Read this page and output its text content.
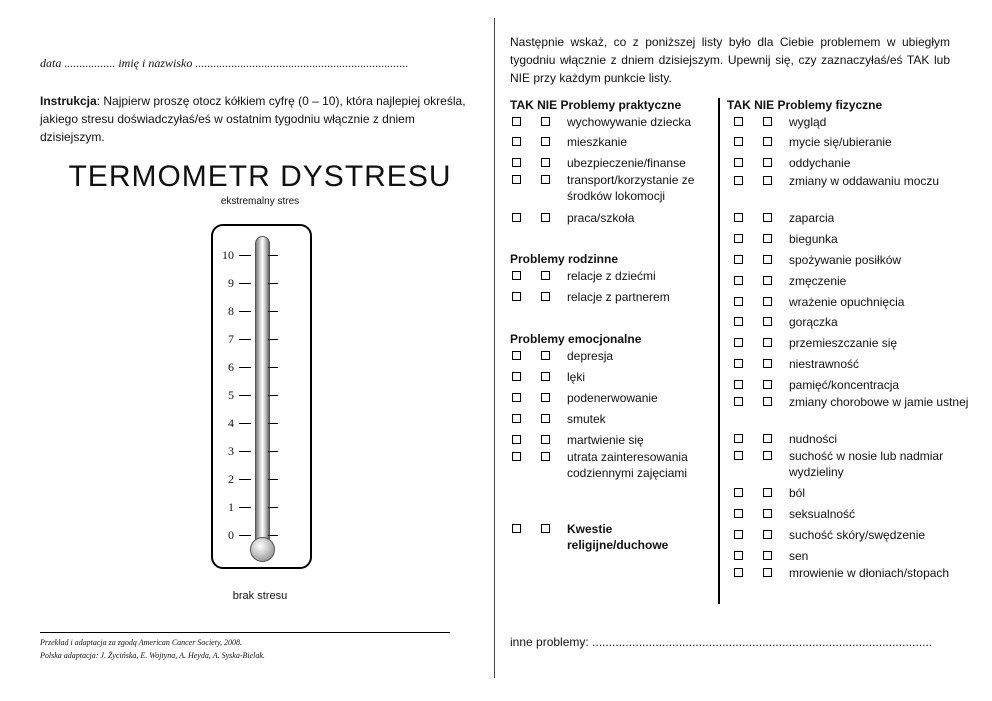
data ................. imię i nazwisko .......................................................................
Instrukcja: Najpierw proszę otocz kółkiem cyfrę (0 – 10), która najlepiej określa, jakiego stresu doświadczyłaś/eś w ostatnim tygodniu włącznie z dniem dzisiejszym.
TERMOMETR DYSTRESU
ekstremalny stres
10
9
8
7
6
5
4
3
2
1
0
brak stresu
Przekład i adaptacja za zgodą American Cancer Society, 2008.
Polska adaptacja: J. Życińska, E. Wojtyna, A. Heyda, A. Syska-Bielak.
Następnie wskaż, co z poniższej listy było dla Ciebie problemem w ubiegłym tygodniu włącznie z dniem dzisiejszym. Upewnij się, czy zaznaczyłaś/eś TAK lub NIE przy każdym punkcie listy.
TAK NIE Problemy praktyczne	TAK NIE Problemy fizyczne
wychowywanie dziecka
mieszkanie
ubezpieczenie/finanse
transport/korzystanie ze środków lokomocji
praca/szkoła
relacje z dziećmi
relacje z partnerem
depresja
lęki
podenerwowanie
smutek
martwienie się
utrata zainteresowania codziennymi zajęciami
Kwestie religijne/duchowe
Problemy rodzinne
Problemy emocjonalne
wygląd
mycie się/ubieranie
oddychanie
zmiany w oddawaniu moczu
zaparcia
biegunka
spożywanie posiłków
zmęczenie
wrażenie opuchnięcia
gorączka
przemieszczanie się
niestrawność
pamięć/koncentracja
zmiany chorobowe w jamie ustnej
nudności
suchość w nosie lub nadmiar wydzieliny
ból
seksualność
suchość skóry/swędzenie
sen
mrowienie w dłoniach/stopach
inne problemy: ......................................................................................................
